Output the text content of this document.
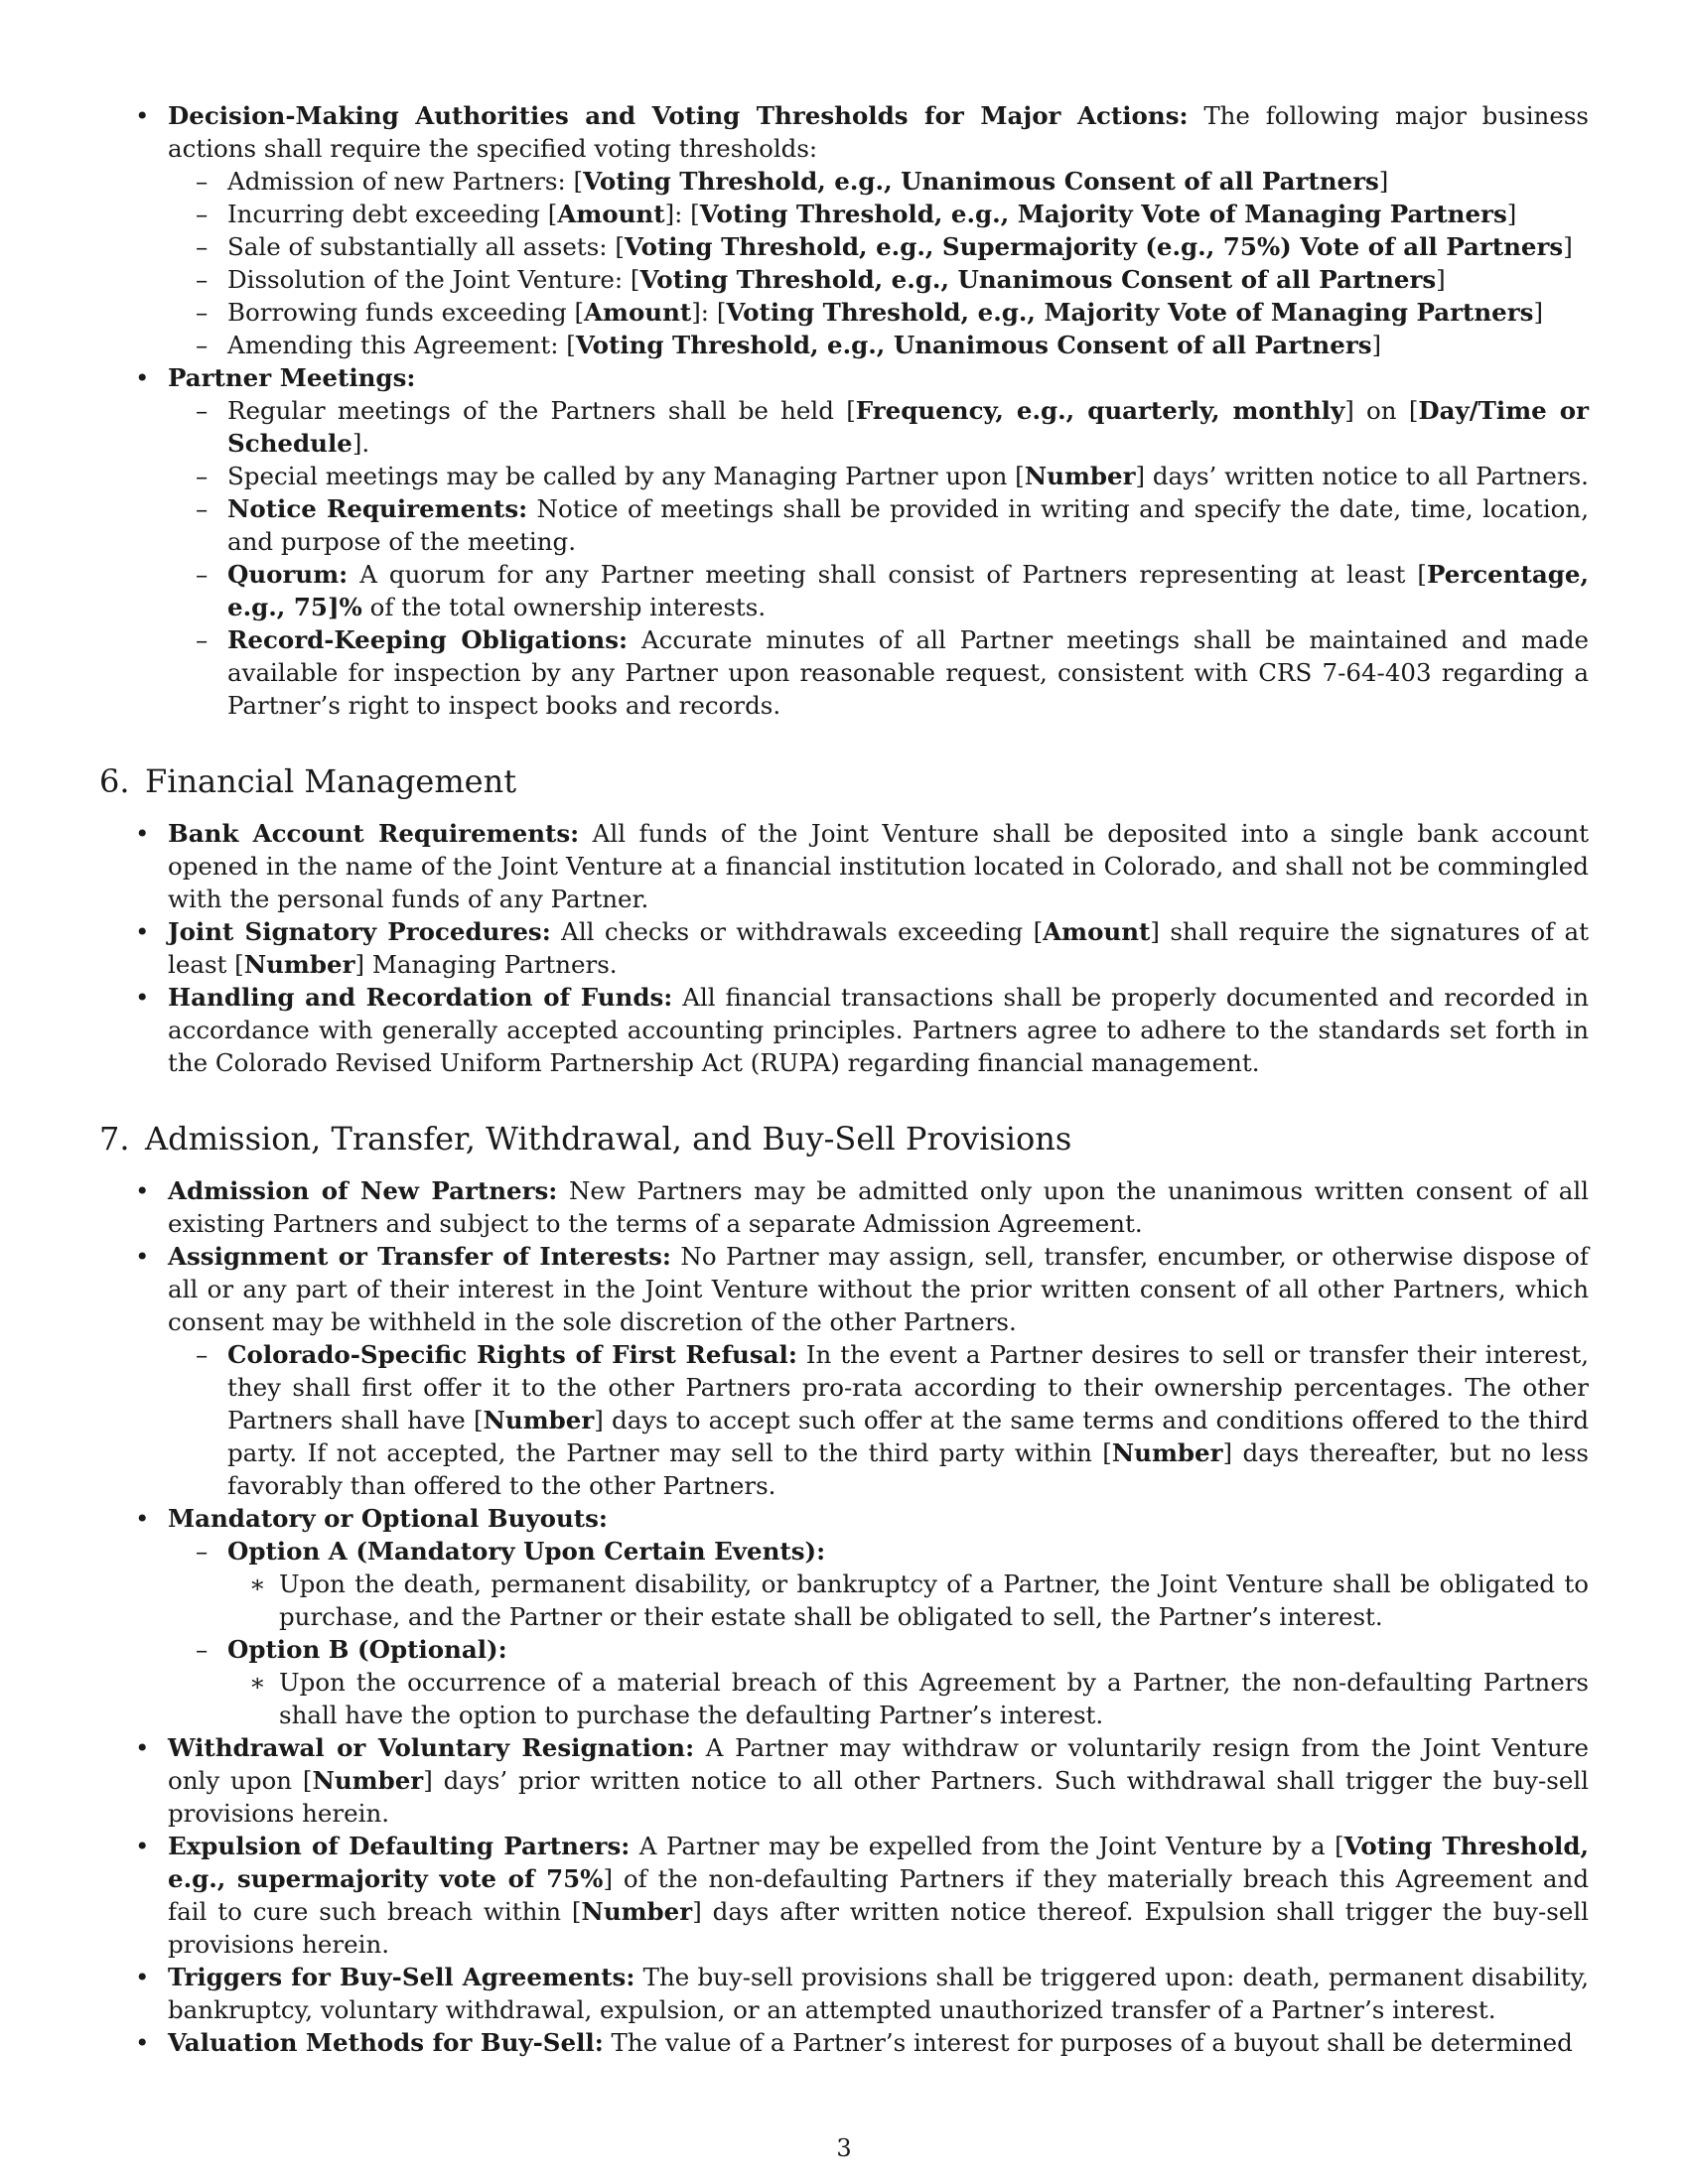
• Decision-Making Authorities and Voting Thresholds for Major Actions: The following major business actions shall require the specified voting thresholds:
– Admission of new Partners: [Voting Threshold, e.g., Unanimous Consent of all Partners]
– Incurring debt exceeding [Amount]: [Voting Threshold, e.g., Majority Vote of Managing Partners]
– Sale of substantially all assets: [Voting Threshold, e.g., Supermajority (e.g., 75%) Vote of all Partners]
– Dissolution of the Joint Venture: [Voting Threshold, e.g., Unanimous Consent of all Partners]
– Borrowing funds exceeding [Amount]: [Voting Threshold, e.g., Majority Vote of Managing Partners]
– Amending this Agreement: [Voting Threshold, e.g., Unanimous Consent of all Partners]
• Partner Meetings:
– Regular meetings of the Partners shall be held [Frequency, e.g., quarterly, monthly] on [Day/Time or Schedule].
– Special meetings may be called by any Managing Partner upon [Number] days’ written notice to all Partners.
– Notice Requirements: Notice of meetings shall be provided in writing and specify the date, time, location, and purpose of the meeting.
– Quorum: A quorum for any Partner meeting shall consist of Partners representing at least [Percentage, e.g., 75]% of the total ownership interests.
– Record-Keeping Obligations: Accurate minutes of all Partner meetings shall be maintained and made available for inspection by any Partner upon reasonable request, consistent with CRS 7-64-403 regarding a Partner’s right to inspect books and records.
6. Financial Management
• Bank Account Requirements: All funds of the Joint Venture shall be deposited into a single bank account opened in the name of the Joint Venture at a financial institution located in Colorado, and shall not be commingled with the personal funds of any Partner.
• Joint Signatory Procedures: All checks or withdrawals exceeding [Amount] shall require the signatures of at least [Number] Managing Partners.
• Handling and Recordation of Funds: All financial transactions shall be properly documented and recorded in accordance with generally accepted accounting principles. Partners agree to adhere to the standards set forth in the Colorado Revised Uniform Partnership Act (RUPA) regarding financial management.
7. Admission, Transfer, Withdrawal, and Buy-Sell Provisions
• Admission of New Partners: New Partners may be admitted only upon the unanimous written consent of all existing Partners and subject to the terms of a separate Admission Agreement.
• Assignment or Transfer of Interests: No Partner may assign, sell, transfer, encumber, or otherwise dispose of all or any part of their interest in the Joint Venture without the prior written consent of all other Partners, which consent may be withheld in the sole discretion of the other Partners.
– Colorado-Specific Rights of First Refusal: In the event a Partner desires to sell or transfer their interest, they shall first offer it to the other Partners pro-rata according to their ownership percentages. The other Partners shall have [Number] days to accept such offer at the same terms and conditions offered to the third party. If not accepted, the Partner may sell to the third party within [Number] days thereafter, but no less favorably than offered to the other Partners.
• Mandatory or Optional Buyouts:
– Option A (Mandatory Upon Certain Events):
∗ Upon the death, permanent disability, or bankruptcy of a Partner, the Joint Venture shall be obligated to purchase, and the Partner or their estate shall be obligated to sell, the Partner’s interest.
– Option B (Optional):
∗ Upon the occurrence of a material breach of this Agreement by a Partner, the non-defaulting Partners shall have the option to purchase the defaulting Partner’s interest.
• Withdrawal or Voluntary Resignation: A Partner may withdraw or voluntarily resign from the Joint Venture only upon [Number] days’ prior written notice to all other Partners. Such withdrawal shall trigger the buy-sell provisions herein.
• Expulsion of Defaulting Partners: A Partner may be expelled from the Joint Venture by a [Voting Threshold, e.g., supermajority vote of 75%] of the non-defaulting Partners if they materially breach this Agreement and fail to cure such breach within [Number] days after written notice thereof. Expulsion shall trigger the buy-sell provisions herein.
• Triggers for Buy-Sell Agreements: The buy-sell provisions shall be triggered upon: death, permanent disability, bankruptcy, voluntary withdrawal, expulsion, or an attempted unauthorized transfer of a Partner’s interest.
• Valuation Methods for Buy-Sell: The value of a Partner’s interest for purposes of a buyout shall be determined
3
